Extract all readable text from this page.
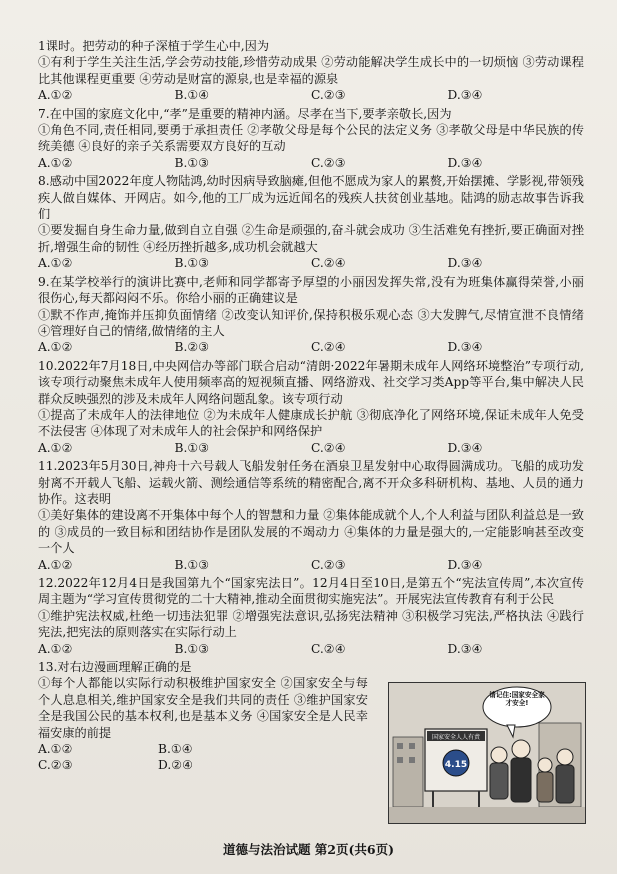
1课时。把劳动的种子深植于学生心中,因为
①有利于学生关注生活,学会劳动技能,珍惜劳动成果 ②劳动能解决学生成长中的一切烦恼 ③劳动课程比其他课程更重要 ④劳动是财富的源泉,也是幸福的源泉
A.①②	B.①④	C.②③	D.③④
7.在中国的家庭文化中,“孝”是重要的精神内涵。尽孝在当下,要孝亲敬长,因为
①角色不同,责任相同,要勇于承担责任 ②孝敬父母是每个公民的法定义务 ③孝敬父母是中华民族的传统美德 ④良好的亲子关系需要双方良好的互动
A.①②	B.①③	C.②③	D.③④
8.感动中国2022年度人物陆鸿,幼时因病导致脑瘫,但他不愿成为家人的累赘,开始摆摊、学影视,带领残疾人做自媒体、开网店。如今,他的工厂成为远近闻名的残疾人扶贫创业基地。陆鸿的励志故事告诉我们
①要发掘自身生命力量,做到自立自强 ②生命是顽强的,奋斗就会成功 ③生活难免有挫折,要正确面对挫折,增强生命的韧性 ④经历挫折越多,成功机会就越大
A.①②	B.①③	C.②④	D.③④
9.在某学校举行的演讲比赛中,老师和同学都寄予厚望的小丽因发挥失常,没有为班集体赢得荣誉,小丽很伤心,每天都闷闷不乐。你给小丽的正确建议是
①默不作声,掩饰并压抑负面情绪 ②改变认知评价,保持积极乐观心态 ③大发脾气,尽情宣泄不良情绪 ④管理好自己的情绪,做情绪的主人
A.①②	B.②③	C.②④	D.③④
10.2022年7月18日,中央网信办等部门联合启动“清朗·2022年暑期未成年人网络环境整治”专项行动,该专项行动聚焦未成年人使用频率高的短视频直播、网络游戏、社交学习类App等平台,集中解决人民群众反映强烈的涉及未成年人网络问题乱象。该专项行动
①提高了未成年人的法律地位 ②为未成年人健康成长护航 ③彻底净化了网络环境,保证未成年人免受不法侵害 ④体现了对未成年人的社会保护和网络保护
A.①②	B.①③	C.②④	D.③④
11.2023年5月30日,神舟十六号载人飞船发射任务在酒泉卫星发射中心取得圆满成功。飞船的成功发射离不开载人飞船、运载火箭、测绘通信等系统的精密配合,离不开众多科研机构、基地、人员的通力协作。这表明
①美好集体的建设离不开集体中每个人的智慧和力量 ②集体能成就个人,个人利益与团队利益总是一致的 ③成员的一致目标和团结协作是团队发展的不竭动力 ④集体的力量是强大的,一定能影响甚至改变一个人
A.①②	B.①③	C.②③	D.③④
12.2022年12月4日是我国第九个“国家宪法日”。12月4日至10日,是第五个“宪法宣传周”,本次宣传周主题为“学习宣传贯彻党的二十大精神,推动全面贯彻实施宪法”。开展宪法宣传教育有利于公民
①维护宪法权威,杜绝一切违法犯罪 ②增强宪法意识,弘扬宪法精神 ③积极学习宪法,严格执法 ④践行宪法,把宪法的原则落实在实际行动上
A.①②	B.①③	C.②④	D.③④
13.对右边漫画理解正确的是
①每个人都能以实际行动积极维护国家安全 ②国家安全与每个人息息相关,维护国家安全是我们共同的责任 ③维护国家安全是我国公民的基本权利,也是基本义务 ④国家安全是人民幸福安康的前提
A.①②	B.①④
C.②③	D.②④
国家安全人人有责
4.15
请记住:国家安全家才安全!
道德与法治试题 第2页(共6页)
